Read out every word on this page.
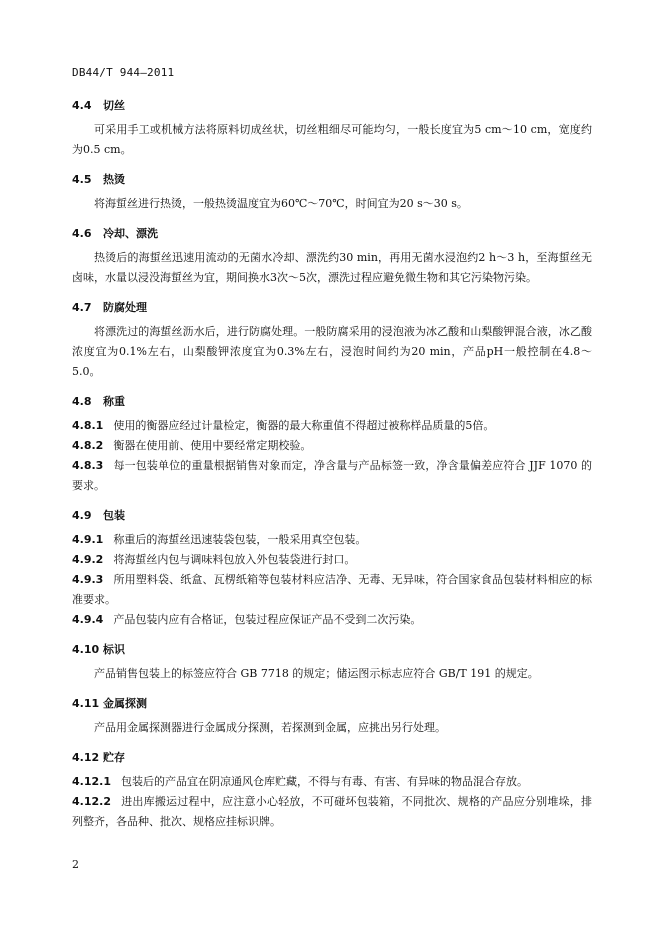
DB44/T 944—2011
4.4	切丝
可采用手工或机械方法将原料切成丝状，切丝粗细尽可能均匀，一般长度宜为5 cm～10 cm，宽度约为0.5 cm。
4.5	热烫
将海蜇丝进行热烫，一般热烫温度宜为60℃～70℃，时间宜为20 s～30 s。
4.6	冷却、漂洗
热烫后的海蜇丝迅速用流动的无菌水冷却、漂洗约30 min，再用无菌水浸泡约2 h～3 h，至海蜇丝无卤味，水量以浸没海蜇丝为宜，期间换水3次～5次，漂洗过程应避免微生物和其它污染物污染。
4.7	防腐处理
将漂洗过的海蜇丝沥水后，进行防腐处理。一般防腐采用的浸泡液为冰乙酸和山梨酸钾混合液，冰乙酸浓度宜为0.1%左右，山梨酸钾浓度宜为0.3%左右，浸泡时间约为20 min，产品pH一般控制在4.8～5.0。
4.8	称重
4.8.1 使用的衡器应经过计量检定，衡器的最大称重值不得超过被称样品质量的5倍。
4.8.2 衡器在使用前、使用中要经常定期校验。
4.8.3 每一包装单位的重量根据销售对象而定，净含量与产品标签一致，净含量偏差应符合 JJF 1070 的要求。
4.9	包装
4.9.1 称重后的海蜇丝迅速装袋包装，一般采用真空包装。
4.9.2 将海蜇丝内包与调味料包放入外包装袋进行封口。
4.9.3 所用塑料袋、纸盒、瓦楞纸箱等包装材料应洁净、无毒、无异味，符合国家食品包装材料相应的标准要求。
4.9.4 产品包装内应有合格证，包装过程应保证产品不受到二次污染。
4.10 标识
产品销售包装上的标签应符合 GB 7718 的规定；储运图示标志应符合 GB/T 191 的规定。
4.11 金属探测
产品用金属探测器进行金属成分探测，若探测到金属，应挑出另行处理。
4.12 贮存
4.12.1 包装后的产品宜在阴凉通风仓库贮藏，不得与有毒、有害、有异味的物品混合存放。
4.12.2 进出库搬运过程中，应注意小心轻放，不可碰坏包装箱，不同批次、规格的产品应分别堆垛，排列整齐，各品种、批次、规格应挂标识牌。
2
